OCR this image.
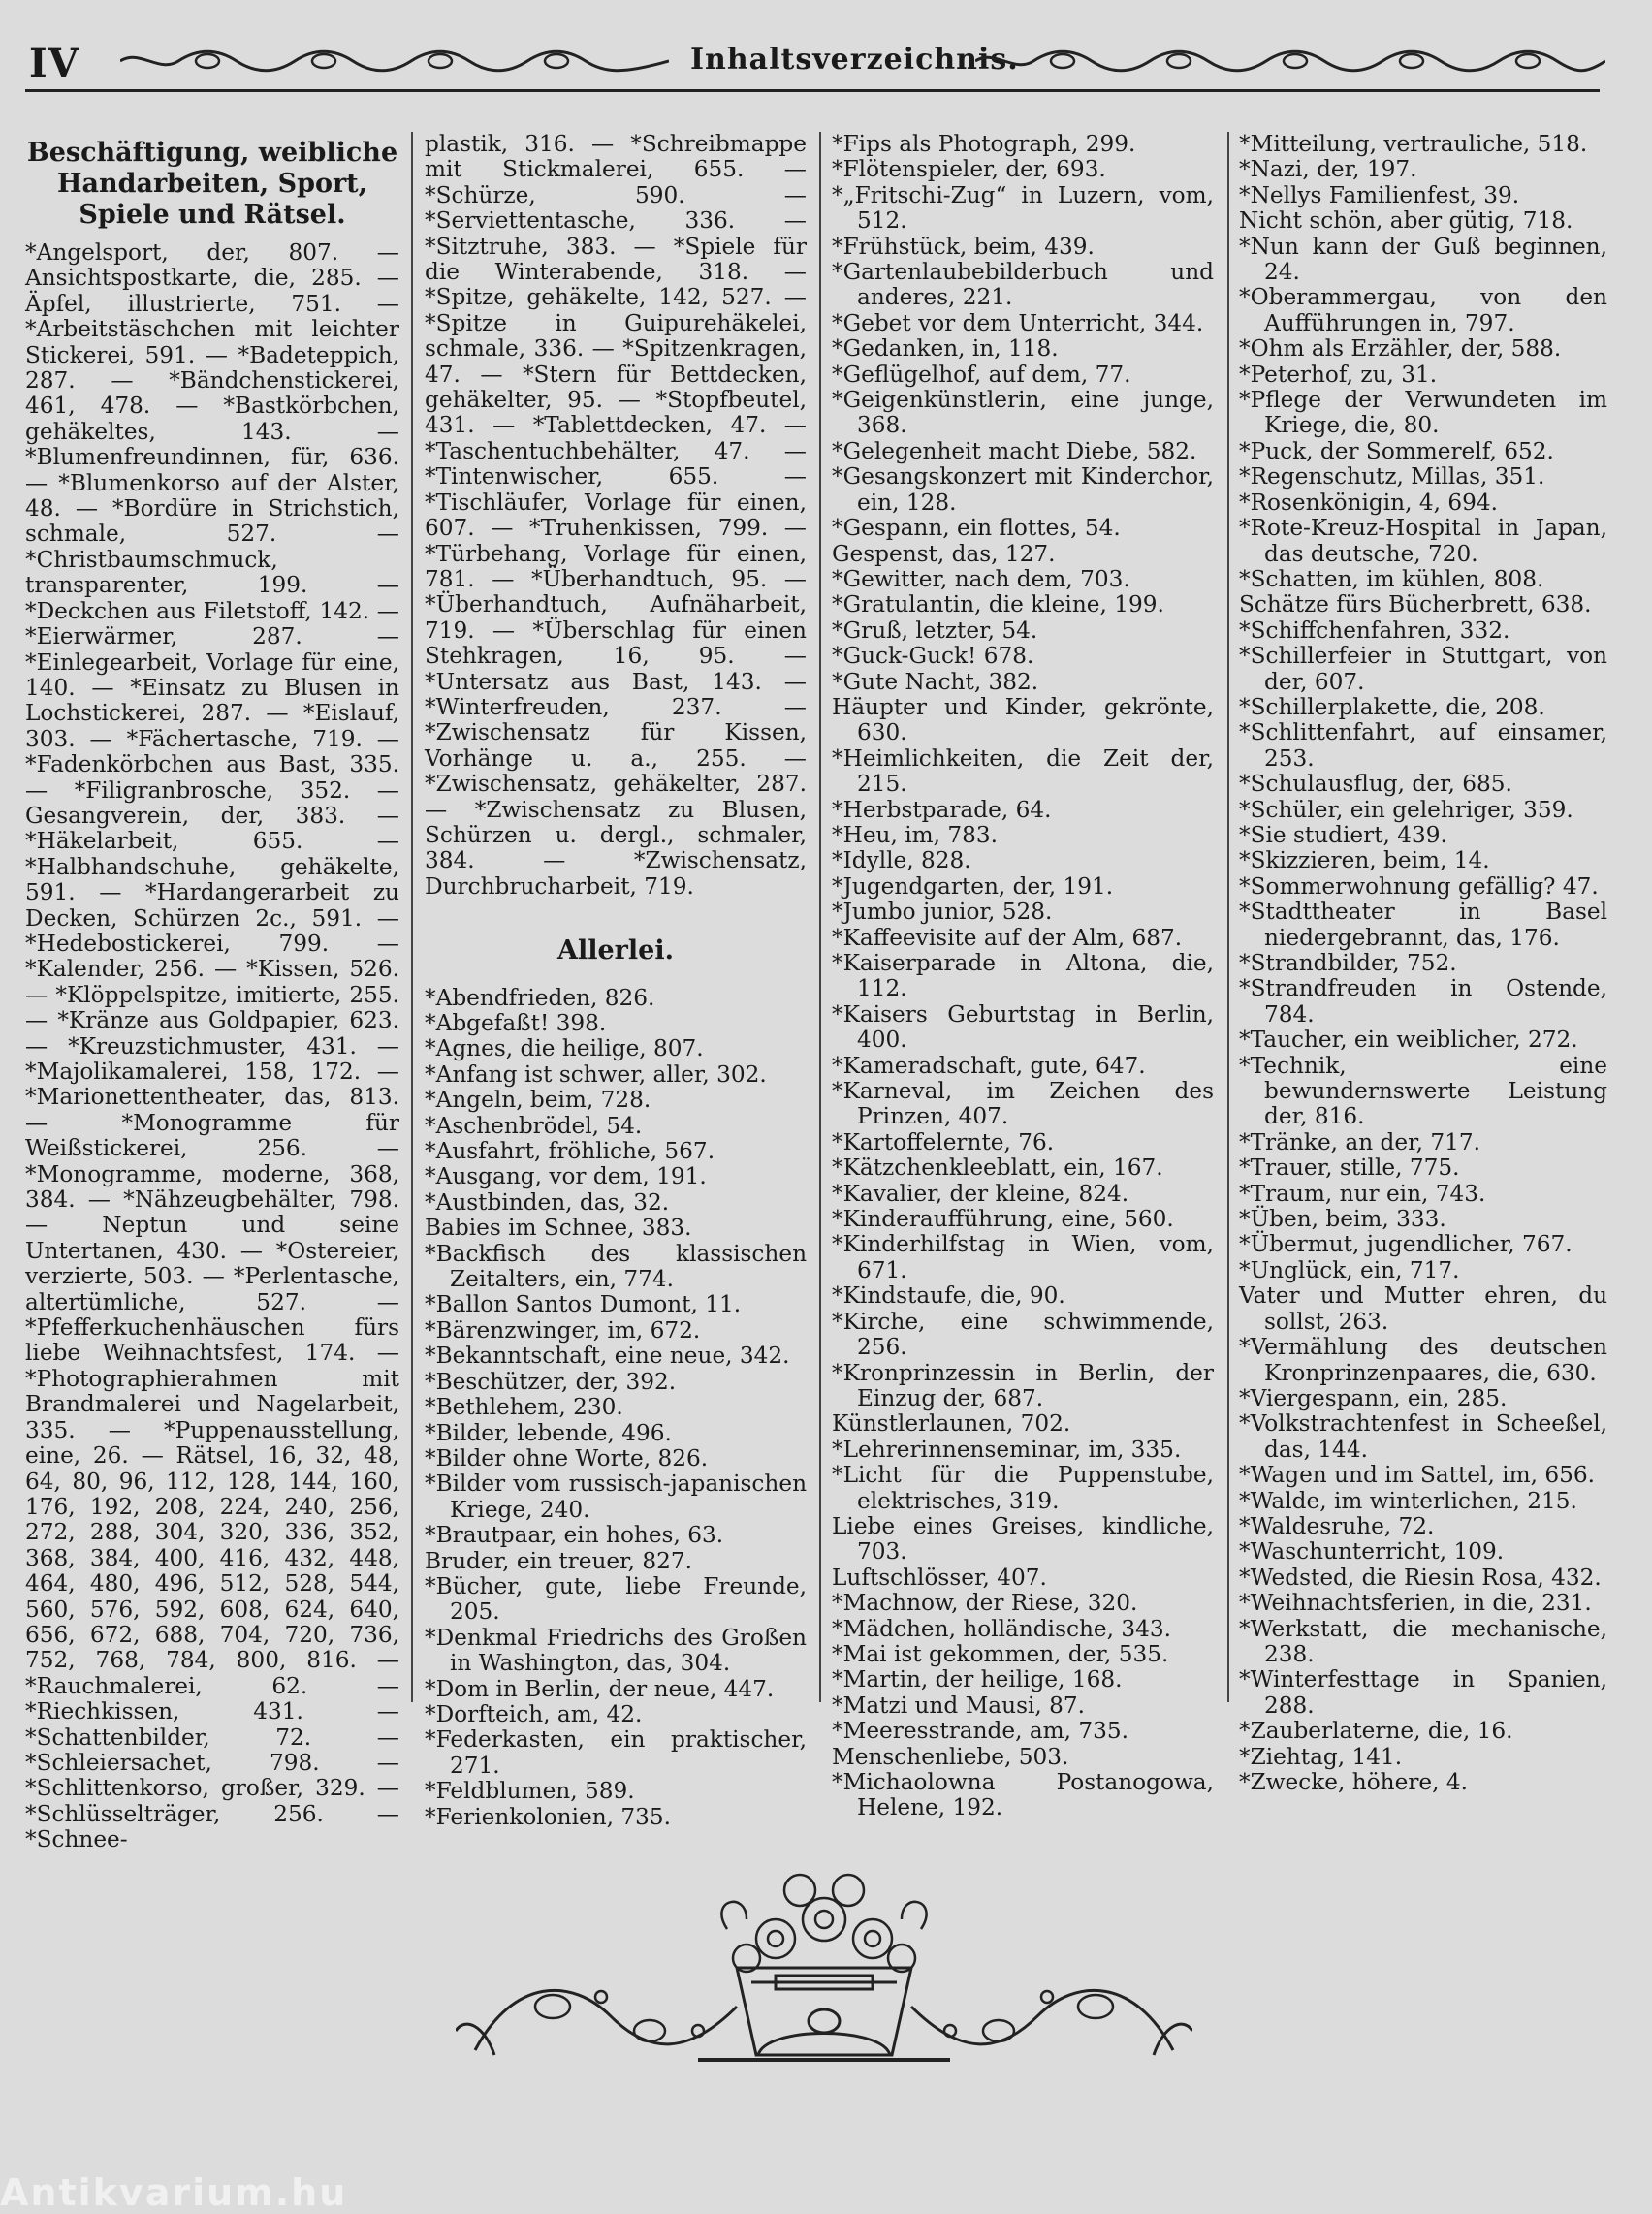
IV	Inhaltsverzeichnis.
Beschäftigung, weibliche Handarbeiten, Sport, Spiele und Rätsel.

*Angelsport, der, 807. — Ansichtspostkarte, die, 285. — Äpfel, illustrierte, 751. — *Arbeitstäschchen mit leichter Stickerei, 591. — *Badeteppich, 287. — *Bändchenstickerei, 461, 478. — *Bastkörbchen, gehäkeltes, 143. — *Blumenfreundinnen, für, 636. — *Blumenkorso auf der Alster, 48. — *Bordüre in Strichstich, schmale, 527. — *Christbaumschmuck, transparenter, 199. — *Deckchen aus Filetstoff, 142. — *Eierwärmer, 287. — *Einlegearbeit, Vorlage für eine, 140. — *Einsatz zu Blusen in Lochstickerei, 287. — *Eislauf, 303. — *Fächertasche, 719. — *Fadenkörbchen aus Bast, 335. — *Filigranbrosche, 352. — Gesangverein, der, 383. — *Häkelarbeit, 655. — *Halbhandschuhe, gehäkelte, 591. — *Hardangerarbeit zu Decken, Schürzen 2c., 591. — *Hedebostickerei, 799. — *Kalender, 256. — *Kissen, 526. — *Klöppelspitze, imitierte, 255. — *Kränze aus Goldpapier, 623. — *Kreuzstichmuster, 431. — *Majolikamalerei, 158, 172. — *Marionettentheater, das, 813. — *Monogramme für Weißstickerei, 256. — *Monogramme, moderne, 368, 384. — *Nähzeugbehälter, 798. — Neptun und seine Untertanen, 430. — *Ostereier, verzierte, 503. — *Perlentasche, altertümliche, 527. — *Pfefferkuchenhäuschen fürs liebe Weihnachtsfest, 174. — *Photographierahmen mit Brandmalerei und Nagelarbeit, 335. — *Puppenausstellung, eine, 26. — Rätsel, 16, 32, 48, 64, 80, 96, 112, 128, 144, 160, 176, 192, 208, 224, 240, 256, 272, 288, 304, 320, 336, 352, 368, 384, 400, 416, 432, 448, 464, 480, 496, 512, 528, 544, 560, 576, 592, 608, 624, 640, 656, 672, 688, 704, 720, 736, 752, 768, 784, 800, 816. — *Rauchmalerei, 62. — *Riechkissen, 431. — *Schattenbilder, 72. — *Schleiersachet, 798. — *Schlittenkorso, großer, 329. — *Schlüsselträger, 256. — *Schnee-

plastik, 316. — *Schreibmappe mit Stickmalerei, 655. — *Schürze, 590. — *Serviettentasche, 336. — *Sitztruhe, 383. — *Spiele für die Winterabende, 318. — *Spitze, gehäkelte, 142, 527. — *Spitze in Guipurehäkelei, schmale, 336. — *Spitzenkragen, 47. — *Stern für Bettdecken, gehäkelter, 95. — *Stopfbeutel, 431. — *Tablettdecken, 47. — *Taschentuchbehälter, 47. — *Tintenwischer, 655. — *Tischläufer, Vorlage für einen, 607. — *Truhenkissen, 799. — *Türbehang, Vorlage für einen, 781. — *Überhandtuch, 95. — *Überhandtuch, Aufnäharbeit, 719. — *Überschlag für einen Stehkragen, 16, 95. — *Untersatz aus Bast, 143. — *Winterfreuden, 237. — *Zwischensatz für Kissen, Vorhänge u. a., 255. — *Zwischensatz, gehäkelter, 287. — *Zwischensatz zu Blusen, Schürzen u. dergl., schmaler, 384. — *Zwischensatz, Durchbrucharbeit, 719.

Allerlei.

*Abendfrieden, 826.

*Abgefaßt! 398.

*Agnes, die heilige, 807.

*Anfang ist schwer, aller, 302.

*Angeln, beim, 728.

*Aschenbrödel, 54.

*Ausfahrt, fröhliche, 567.

*Ausgang, vor dem, 191.

*Austbinden, das, 32.

Babies im Schnee, 383.

*Backfisch des klassischen Zeitalters, ein, 774.

*Ballon Santos Dumont, 11.

*Bärenzwinger, im, 672.

*Bekanntschaft, eine neue, 342.

*Beschützer, der, 392.

*Bethlehem, 230.

*Bilder, lebende, 496.

*Bilder ohne Worte, 826.

*Bilder vom russisch-japanischen Kriege, 240.

*Brautpaar, ein hohes, 63.

Bruder, ein treuer, 827.

*Bücher, gute, liebe Freunde, 205.

*Denkmal Friedrichs des Großen in Washington, das, 304.

*Dom in Berlin, der neue, 447.

*Dorfteich, am, 42.

*Federkasten, ein praktischer, 271.

*Feldblumen, 589.

*Ferienkolonien, 735.

*Fips als Photograph, 299.

*Flötenspieler, der, 693.

*„Fritschi-Zug“ in Luzern, vom, 512.

*Frühstück, beim, 439.

*Gartenlaubebilderbuch und anderes, 221.

*Gebet vor dem Unterricht, 344.

*Gedanken, in, 118.

*Geflügelhof, auf dem, 77.

*Geigenkünstlerin, eine junge, 368.

*Gelegenheit macht Diebe, 582.

*Gesangskonzert mit Kinderchor, ein, 128.

*Gespann, ein flottes, 54.

Gespenst, das, 127.

*Gewitter, nach dem, 703.

*Gratulantin, die kleine, 199.

*Gruß, letzter, 54.

*Guck-Guck! 678.

*Gute Nacht, 382.

Häupter und Kinder, gekrönte, 630.

*Heimlichkeiten, die Zeit der, 215.

*Herbstparade, 64.

*Heu, im, 783.

*Idylle, 828.

*Jugendgarten, der, 191.

*Jumbo junior, 528.

*Kaffeevisite auf der Alm, 687.

*Kaiserparade in Altona, die, 112.

*Kaisers Geburtstag in Berlin, 400.

*Kameradschaft, gute, 647.

*Karneval, im Zeichen des Prinzen, 407.

*Kartoffelernte, 76.

*Kätzchenkleeblatt, ein, 167.

*Kavalier, der kleine, 824.

*Kinderaufführung, eine, 560.

*Kinderhilfstag in Wien, vom, 671.

*Kindstaufe, die, 90.

*Kirche, eine schwimmende, 256.

*Kronprinzessin in Berlin, der Einzug der, 687.

Künstlerlaunen, 702.

*Lehrerinnenseminar, im, 335.

*Licht für die Puppenstube, elektrisches, 319.

Liebe eines Greises, kindliche, 703.

Luftschlösser, 407.

*Machnow, der Riese, 320.

*Mädchen, holländische, 343.

*Mai ist gekommen, der, 535.

*Martin, der heilige, 168.

*Matzi und Mausi, 87.

*Meeresstrande, am, 735.

Menschenliebe, 503.

*Michaolowna Postanogowa, Helene, 192.

*Mitteilung, vertrauliche, 518.

*Nazi, der, 197.

*Nellys Familienfest, 39.

Nicht schön, aber gütig, 718.

*Nun kann der Guß beginnen, 24.

*Oberammergau, von den Aufführungen in, 797.

*Ohm als Erzähler, der, 588.

*Peterhof, zu, 31.

*Pflege der Verwundeten im Kriege, die, 80.

*Puck, der Sommerelf, 652.

*Regenschutz, Millas, 351.

*Rosenkönigin, 4, 694.

*Rote-Kreuz-Hospital in Japan, das deutsche, 720.

*Schatten, im kühlen, 808.

Schätze fürs Bücherbrett, 638.

*Schiffchenfahren, 332.

*Schillerfeier in Stuttgart, von der, 607.

*Schillerplakette, die, 208.

*Schlittenfahrt, auf einsamer, 253.

*Schulausflug, der, 685.

*Schüler, ein gelehriger, 359.

*Sie studiert, 439.

*Skizzieren, beim, 14.

*Sommerwohnung gefällig? 47.

*Stadttheater in Basel niedergebrannt, das, 176.

*Strandbilder, 752.

*Strandfreuden in Ostende, 784.

*Taucher, ein weiblicher, 272.

*Technik, eine bewundernswerte Leistung der, 816.

*Tränke, an der, 717.

*Trauer, stille, 775.

*Traum, nur ein, 743.

*Üben, beim, 333.

*Übermut, jugendlicher, 767.

*Unglück, ein, 717.

Vater und Mutter ehren, du sollst, 263.

*Vermählung des deutschen Kronprinzenpaares, die, 630.

*Viergespann, ein, 285.

*Volkstrachtenfest in Scheeßel, das, 144.

*Wagen und im Sattel, im, 656.

*Walde, im winterlichen, 215.

*Waldesruhe, 72.

*Waschunterricht, 109.

*Wedsted, die Riesin Rosa, 432.

*Weihnachtsferien, in die, 231.

*Werkstatt, die mechanische, 238.

*Winterfesttage in Spanien, 288.

*Zauberlaterne, die, 16.

*Ziehtag, 141.

*Zwecke, höhere, 4.

Antikvarium.hu
